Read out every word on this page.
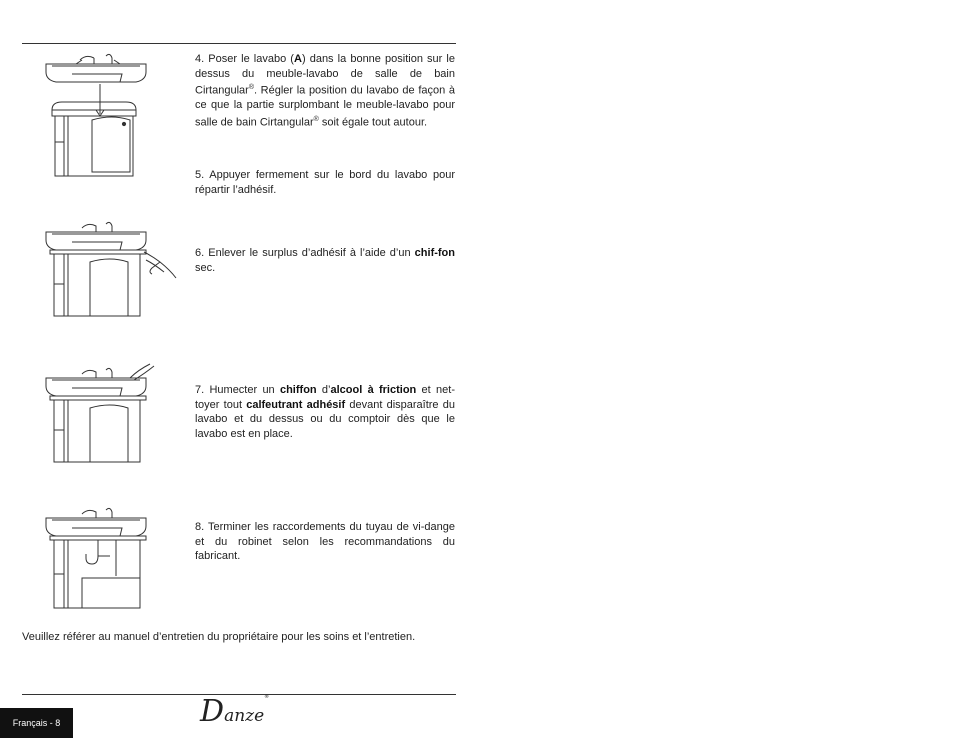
4. Poser le lavabo (A) dans la bonne position sur le dessus du meuble-lavabo de salle de bain Cirtangular®. Régler la position du lavabo de façon à ce que la partie surplombant le meuble-lavabo pour salle de bain Cirtangular® soit égale tout autour.
5. Appuyer fermement sur le bord du lavabo pour répartir l’adhésif.
6. Enlever le surplus d’adhésif à l’aide d’un chif-fon sec.
7. Humecter un chiffon d’alcool à friction et net-toyer tout calfeutrant adhésif devant disparaître du lavabo et du dessus ou du comptoir dès que le lavabo est en place.
8. Terminer les raccordements du tuyau de vi-dange et du robinet selon les recommandations du fabricant.
Veuillez référer au manuel d’entretien du propriétaire pour les soins et l’entretien.
Français - 8	Danze®
